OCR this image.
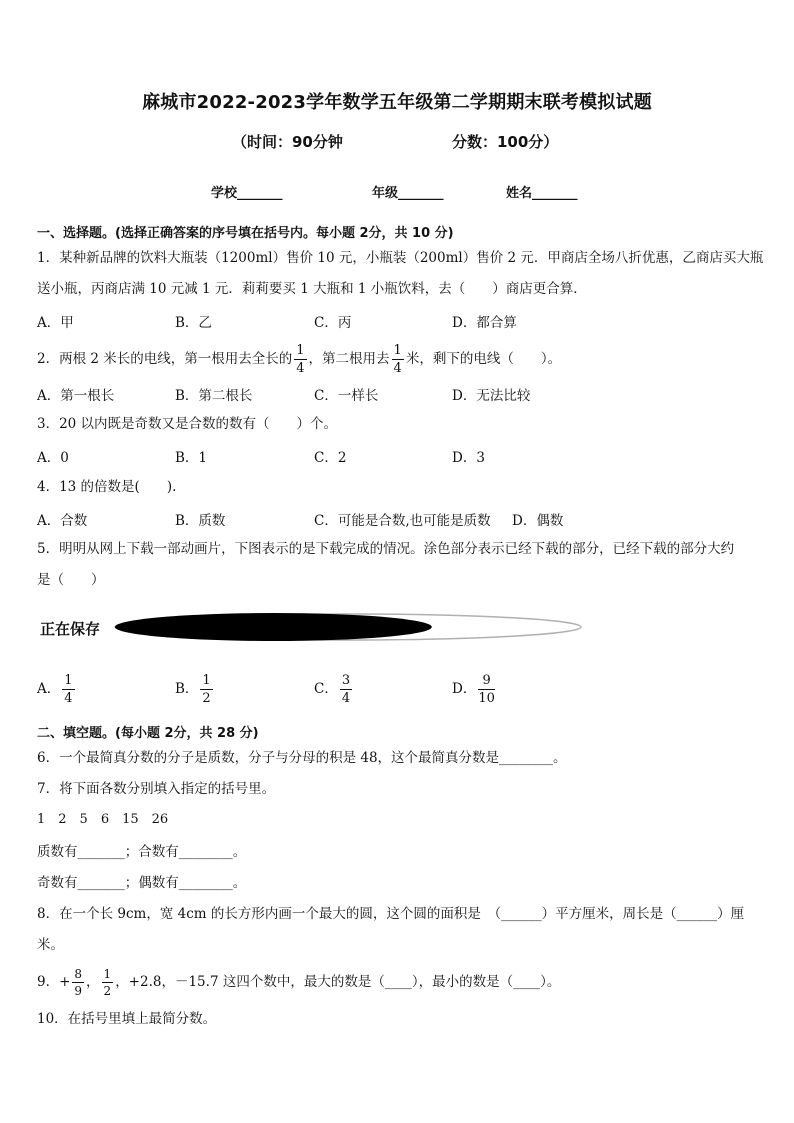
麻城市2022-2023学年数学五年级第二学期期末联考模拟试题
（时间：90分钟	分数：100分）
学校_______	年级_______	姓名_______
一、选择题。(选择正确答案的序号填在括号内。每小题 2分，共 10 分)
1．某种新品牌的饮料大瓶装（1200ml）售价 10 元，小瓶装（200ml）售价 2 元．甲商店全场八折优惠，乙商店买大瓶
送小瓶，丙商店满 10 元减 1 元．莉莉要买 1 大瓶和 1 小瓶饮料，去（　　）商店更合算．
A．甲	B．乙	C．丙	D．都合算
2．两根 2 米长的电线，第一根用去全长的 $\frac{1}{4}$ ，第二根用去 $\frac{1}{4}$ 米，剩下的电线（　　）。
A．第一根长	B．第二根长	C．一样长	D．无法比较
3．20 以内既是奇数又是合数的数有（　　）个。
A．0	B．1	C．2	D．3
4．13 的倍数是(　　).
A．合数	B．质数	C．可能是合数,也可能是质数 D．偶数
5．明明从网上下载一部动画片，下图表示的是下载完成的情况。涂色部分表示已经下载的部分，已经下载的部分大约
是（　　）
正在保存
A． $\frac{1}{4}$	B． $\frac{1}{2}$	C． $\frac{3}{4}$	D． $\frac{9}{10}$
二、填空题。(每小题 2分，共 28 分)
6．一个最简真分数的分子是质数，分子与分母的积是 48，这个最简真分数是________。
7．将下面各数分别填入指定的括号里。
1　2　5　6　15　26
质数有_______；合数有________。
奇数有_______；偶数有________。
8．在一个长 9cm，宽 4cm 的长方形内画一个最大的圆，这个圆的面积是　（______）平方厘米，周长是（______）厘
米。
9．+ $\frac{8}{9}$ ， $\frac{1}{2}$ ，+2.8，－15.7 这四个数中，最大的数是（____），最小的数是（____）。
10．在括号里填上最简分数。
